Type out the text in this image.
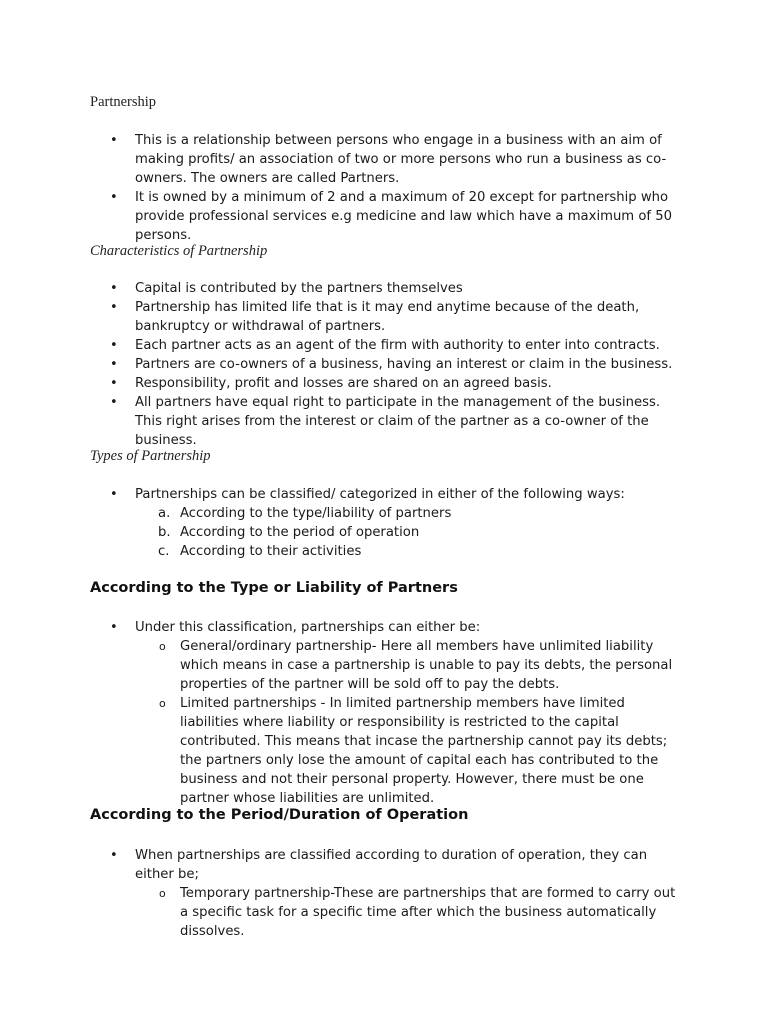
Partnership
• This is a relationship between persons who engage in a business with an aim of making profits/ an association of two or more persons who run a business as co-owners. The owners are called Partners.
• It is owned by a minimum of 2 and a maximum of 20 except for partnership who provide professional services e.g medicine and law which have a maximum of 50 persons.
Characteristics of Partnership
• Capital is contributed by the partners themselves
• Partnership has limited life that is it may end anytime because of the death, bankruptcy or withdrawal of partners.
• Each partner acts as an agent of the firm with authority to enter into contracts.
• Partners are co-owners of a business, having an interest or claim in the business.
• Responsibility, profit and losses are shared on an agreed basis.
• All partners have equal right to participate in the management of the business. This right arises from the interest or claim of the partner as a co-owner of the business.
Types of Partnership
• Partnerships can be classified/ categorized in either of the following ways:
a. According to the type/liability of partners
b. According to the period of operation
c. According to their activities
According to the Type or Liability of Partners
• Under this classification, partnerships can either be:
o General/ordinary partnership- Here all members have unlimited liability which means in case a partnership is unable to pay its debts, the personal properties of the partner will be sold off to pay the debts.
o Limited partnerships - In limited partnership members have limited liabilities where liability or responsibility is restricted to the capital contributed. This means that incase the partnership cannot pay its debts; the partners only lose the amount of capital each has contributed to the business and not their personal property. However, there must be one partner whose liabilities are unlimited.
According to the Period/Duration of Operation
• When partnerships are classified according to duration of operation, they can either be;
o Temporary partnership-These are partnerships that are formed to carry out a specific task for a specific time after which the business automatically dissolves.
